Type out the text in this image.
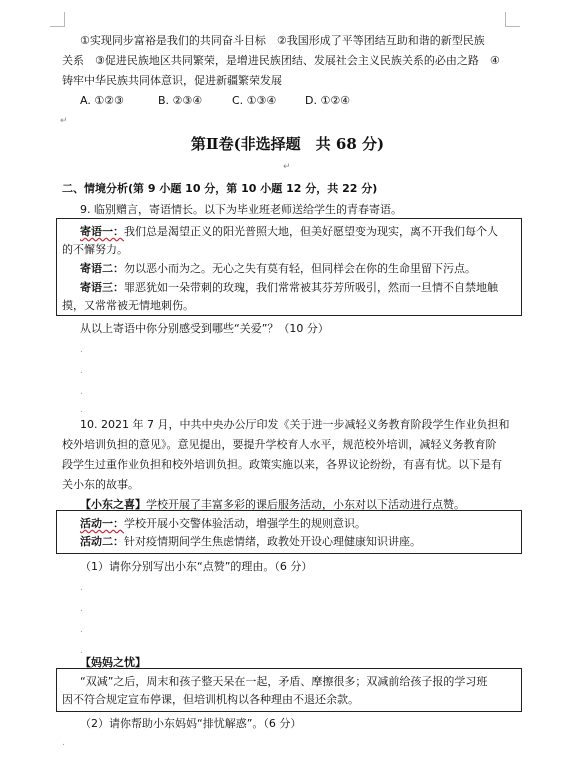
①实现同步富裕是我们的共同奋斗目标　②我国形成了平等团结互助和谐的新型民族
关系　③促进民族地区共同繁荣，是增进民族团结、发展社会主义民族关系的必由之路　④
铸牢中华民族共同体意识，促进新疆繁荣发展
A. ①②③	B. ②③④	C. ①③④	D. ①②④
↵
第Ⅱ卷(非选择题　共 68 分)
↵
二、情境分析(第 9 小题 10 分，第 10 小题 12 分，共 22 分)
9. 临别赠言，寄语情长。以下为毕业班老师送给学生的青春寄语。
寄语一：我们总是渴望正义的阳光普照大地，但美好愿望变为现实，离不开我们每个人
的不懈努力。
寄语二：勿以恶小而为之。无心之失有莫有轻，但同样会在你的生命里留下污点。
寄语三：罪恶犹如一朵带刺的玫瑰，我们常常被其芬芳所吸引，然而一旦情不自禁地触
摸，又常常被无情地刺伤。
从以上寄语中你分别感受到哪些“关爱”？（10 分）
.
.
.
.
10. 2021 年 7 月，中共中央办公厅印发《关于进一步减轻义务教育阶段学生作业负担和
校外培训负担的意见》。意见提出，要提升学校育人水平，规范校外培训，减轻义务教育阶
段学生过重作业负担和校外培训负担。政策实施以来，各界议论纷纷，有喜有忧。以下是有
关小东的故事。
【小东之喜】学校开展了丰富多彩的课后服务活动，小东对以下活动进行点赞。
活动一：学校开展小交警体验活动，增强学生的规则意识。
活动二：针对疫情期间学生焦虑情绪，政教处开设心理健康知识讲座。
（1）请你分别写出小东“点赞”的理由。（6 分）
.
.
.
.
【妈妈之忧】
“双减”之后，周末和孩子整天呆在一起，矛盾、摩擦很多；双减前给孩子报的学习班
因不符合规定宣布停课，但培训机构以各种理由不退还余款。
（2）请你帮助小东妈妈“排忧解惑”。（6 分）
.
